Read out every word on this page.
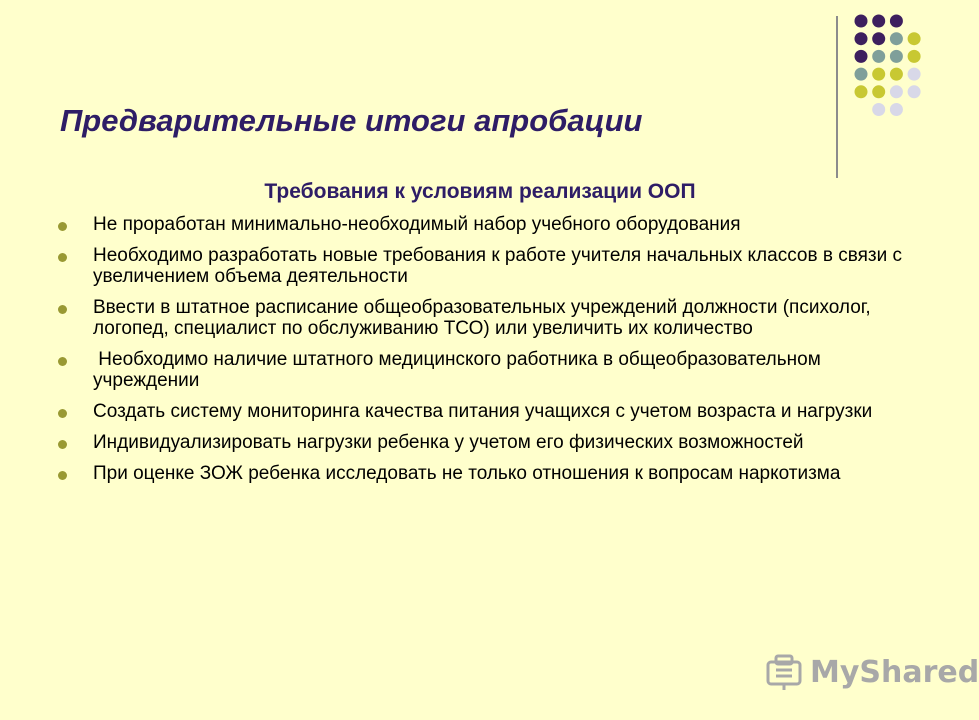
Предварительные итоги апробации
Требования к условиям реализации ООП
Не проработан минимально-необходимый набор учебного оборудования
Необходимо разработать новые требования к работе учителя начальных классов в связи с увеличением объема деятельности
Ввести в штатное расписание общеобразовательных учреждений должности (психолог, логопед, специалист по обслуживанию ТСО) или увеличить их количество
Необходимо наличие штатного медицинского работника в общеобразовательном учреждении
Создать систему мониторинга качества питания учащихся с учетом возраста и нагрузки
Индивидуализировать нагрузки ребенка у учетом его физических возможностей
При оценке ЗОЖ ребенка исследовать не только отношения к вопросам наркотизма
MyShared
